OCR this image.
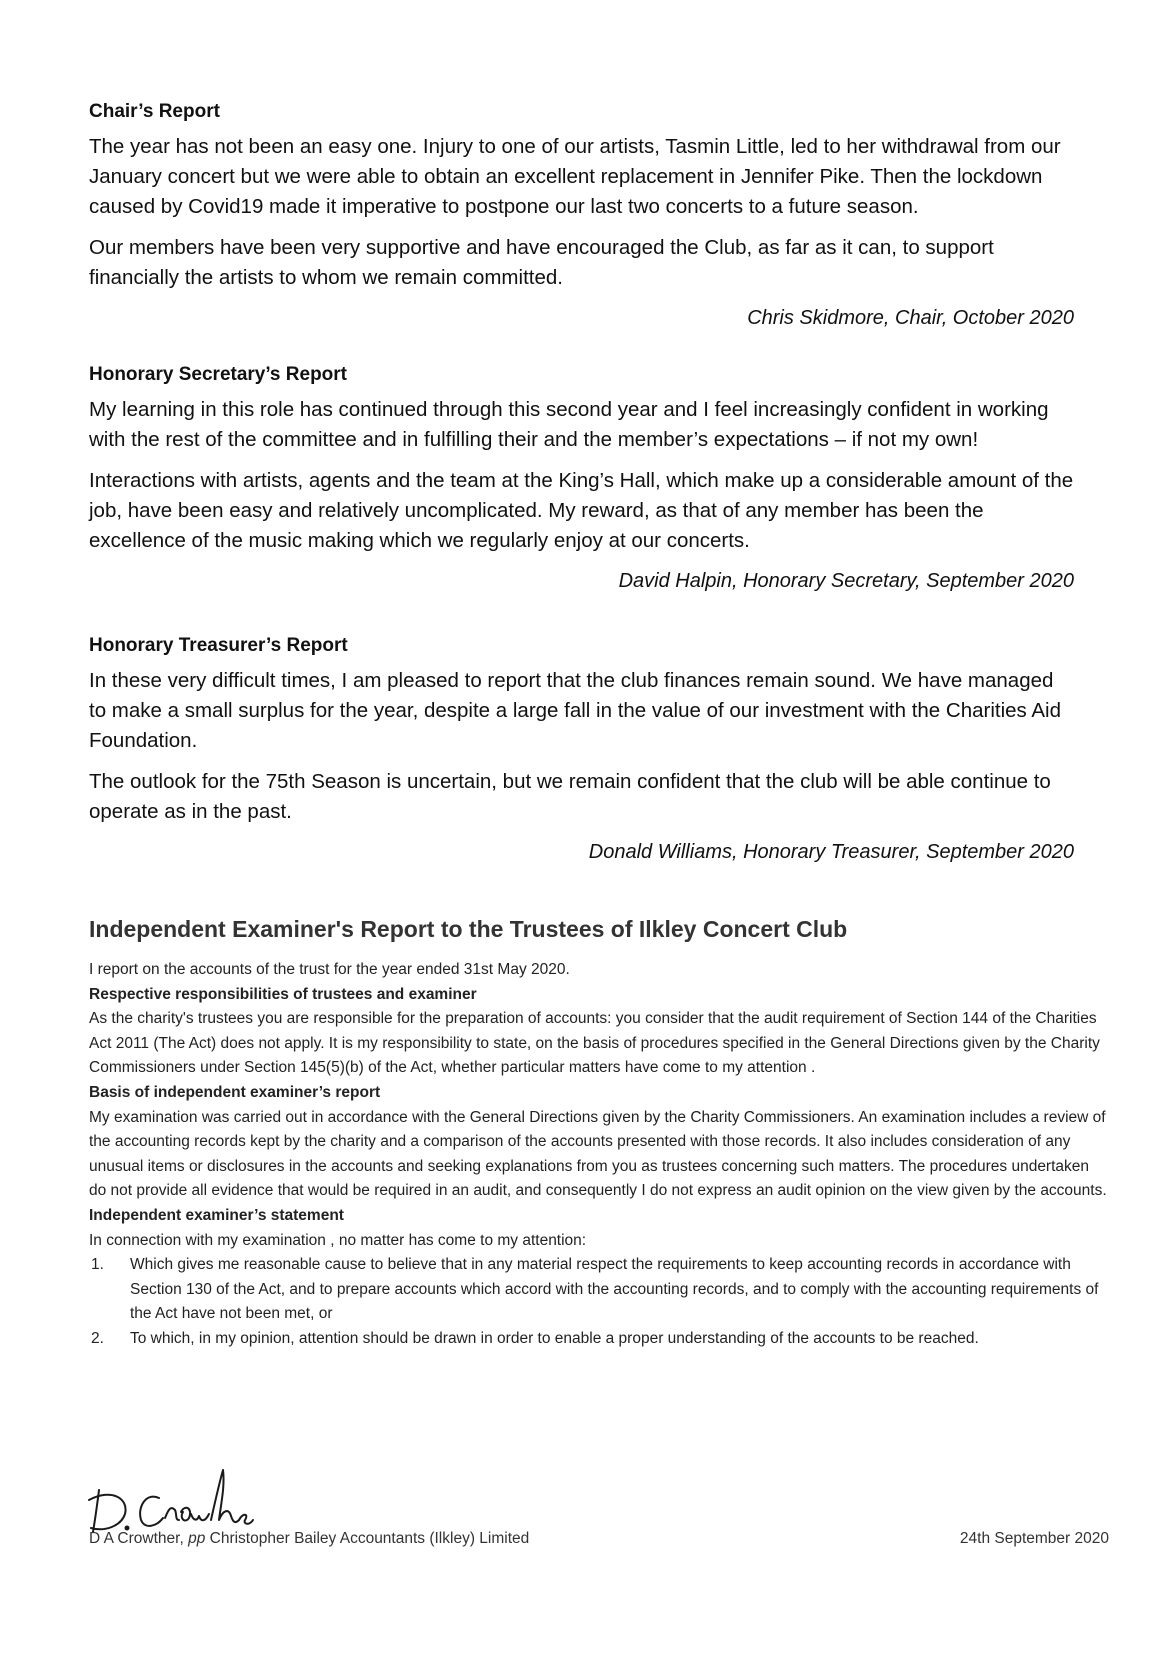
Chair’s Report

The year has not been an easy one. Injury to one of our artists, Tasmin Little, led to her withdrawal from our January concert but we were able to obtain an excellent replacement in Jennifer Pike. Then the lockdown caused by Covid19 made it imperative to postpone our last two concerts to a future season.

Our members have been very supportive and have encouraged the Club, as far as it can, to support financially the artists to whom we remain committed.

Chris Skidmore, Chair, October 2020

Honorary Secretary’s Report

My learning in this role has continued through this second year and I feel increasingly confident in working with the rest of the committee and in fulfilling their and the member’s expectations – if not my own!

Interactions with artists, agents and the team at the King’s Hall, which make up a considerable amount of the job, have been easy and relatively uncomplicated. My reward, as that of any member has been the excellence of the music making which we regularly enjoy at our concerts.

David Halpin, Honorary Secretary, September 2020

Honorary Treasurer’s Report

In these very difficult times, I am pleased to report that the club finances remain sound. We have managed to make a small surplus for the year, despite a large fall in the value of our investment with the Charities Aid Foundation.

The outlook for the 75th Season is uncertain, but we remain confident that the club will be able continue to operate as in the past.

Donald Williams, Honorary Treasurer, September 2020

Independent Examiner's Report to the Trustees of Ilkley Concert Club

I report on the accounts of the trust for the year ended 31st May 2020.

Respective responsibilities of trustees and examiner

As the charity's trustees you are responsible for the preparation of accounts: you consider that the audit requirement of Section 144 of the Charities Act 2011 (The Act) does not apply. It is my responsibility to state, on the basis of procedures specified in the General Directions given by the Charity Commissioners under Section 145(5)(b) of the Act, whether particular matters have come to my attention .

Basis of independent examiner’s report

My examination was carried out in accordance with the General Directions given by the Charity Commissioners. An examination includes a review of the accounting records kept by the charity and a comparison of the accounts presented with those records. It also includes consideration of any unusual items or disclosures in the accounts and seeking explanations from you as trustees concerning such matters. The procedures undertaken do not provide all evidence that would be required in an audit, and consequently I do not express an audit opinion on the view given by the accounts.

Independent examiner’s statement

In connection with my examination , no matter has come to my attention:

1. Which gives me reasonable cause to believe that in any material respect the requirements to keep accounting records in accordance with Section 130 of the Act, and to prepare accounts which accord with the accounting records, and to comply with the accounting requirements of the Act have not been met, or
2. To which, in my opinion, attention should be drawn in order to enable a proper understanding of the accounts to be reached.
D A Crowther, pp Christopher Bailey Accountants (Ilkley) Limited	24th September 2020
